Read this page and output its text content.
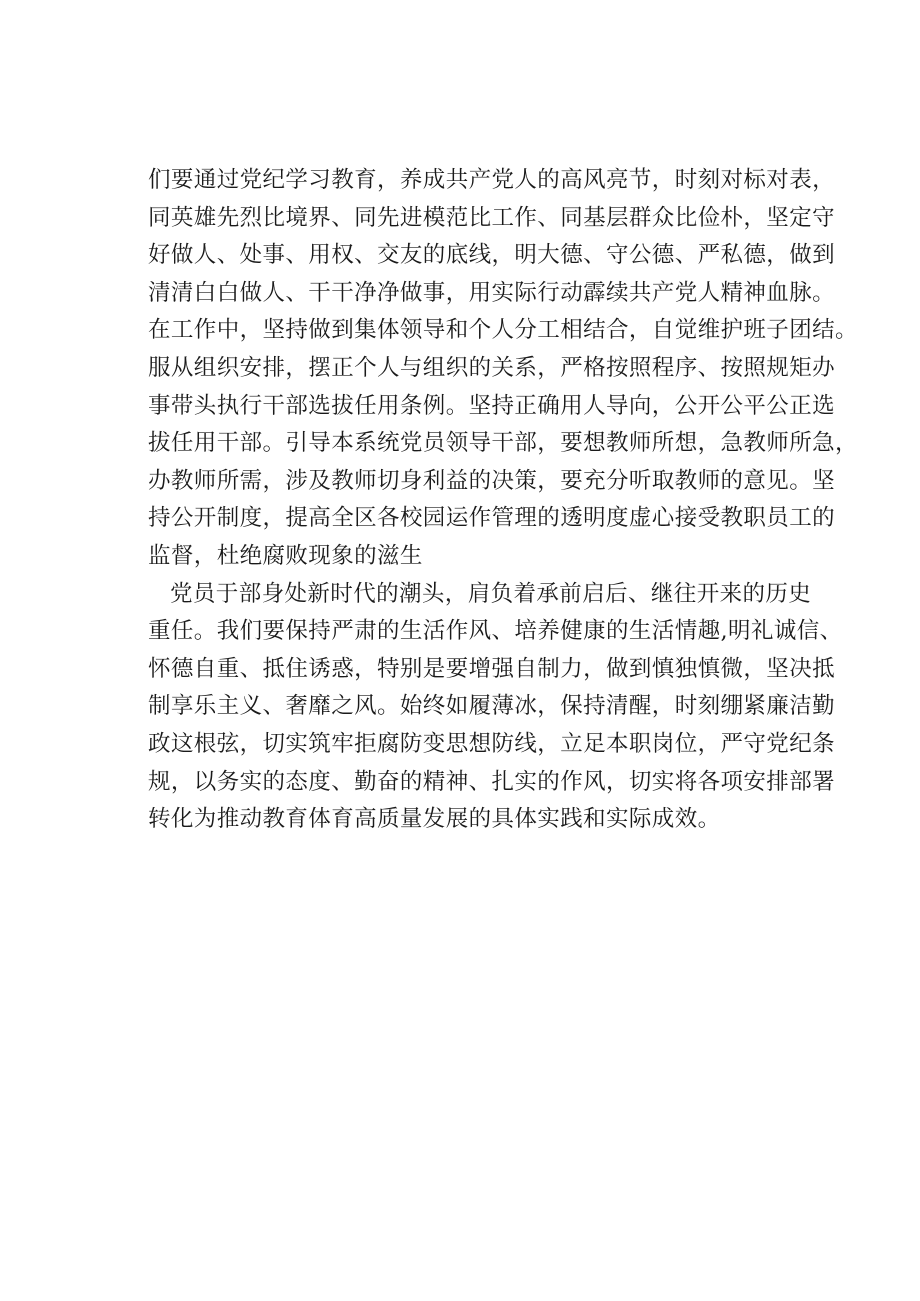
们要通过党纪学习教育，养成共产党人的高风亮节，时刻对标对表，
同英雄先烈比境界、同先进模范比工作、同基层群众比俭朴，坚定守
好做人、处事、用权、交友的底线，明大德、守公德、严私德，做到
清清白白做人、干干净净做事，用实际行动霹续共产党人精神血脉。
在工作中，坚持做到集体领导和个人分工相结合，自觉维护班子团结。
服从组织安排，摆正个人与组织的关系，严格按照程序、按照规矩办
事带头执行干部选拔任用条例。坚持正确用人导向，公开公平公正选
拔任用干部。引导本系统党员领导干部，要想教师所想，急教师所急，
办教师所需，涉及教师切身利益的决策，要充分听取教师的意见。坚
持公开制度，提高全区各校园运作管理的透明度虚心接受教职员工的
监督，杜绝腐败现象的滋生
党员于部身处新时代的潮头，肩负着承前启后、继往开来的历史
重任。我们要保持严肃的生活作风、培养健康的生活情趣,明礼诚信、
怀德自重、抵住诱惑，特别是要增强自制力，做到慎独慎微，坚决抵
制享乐主义、奢靡之风。始终如履薄冰，保持清醒，时刻绷紧廉洁勤
政这根弦，切实筑牢拒腐防变思想防线，立足本职岗位，严守党纪条
规，以务实的态度、勤奋的精神、扎实的作风，切实将各项安排部署
转化为推动教育体育高质量发展的具体实践和实际成效。
